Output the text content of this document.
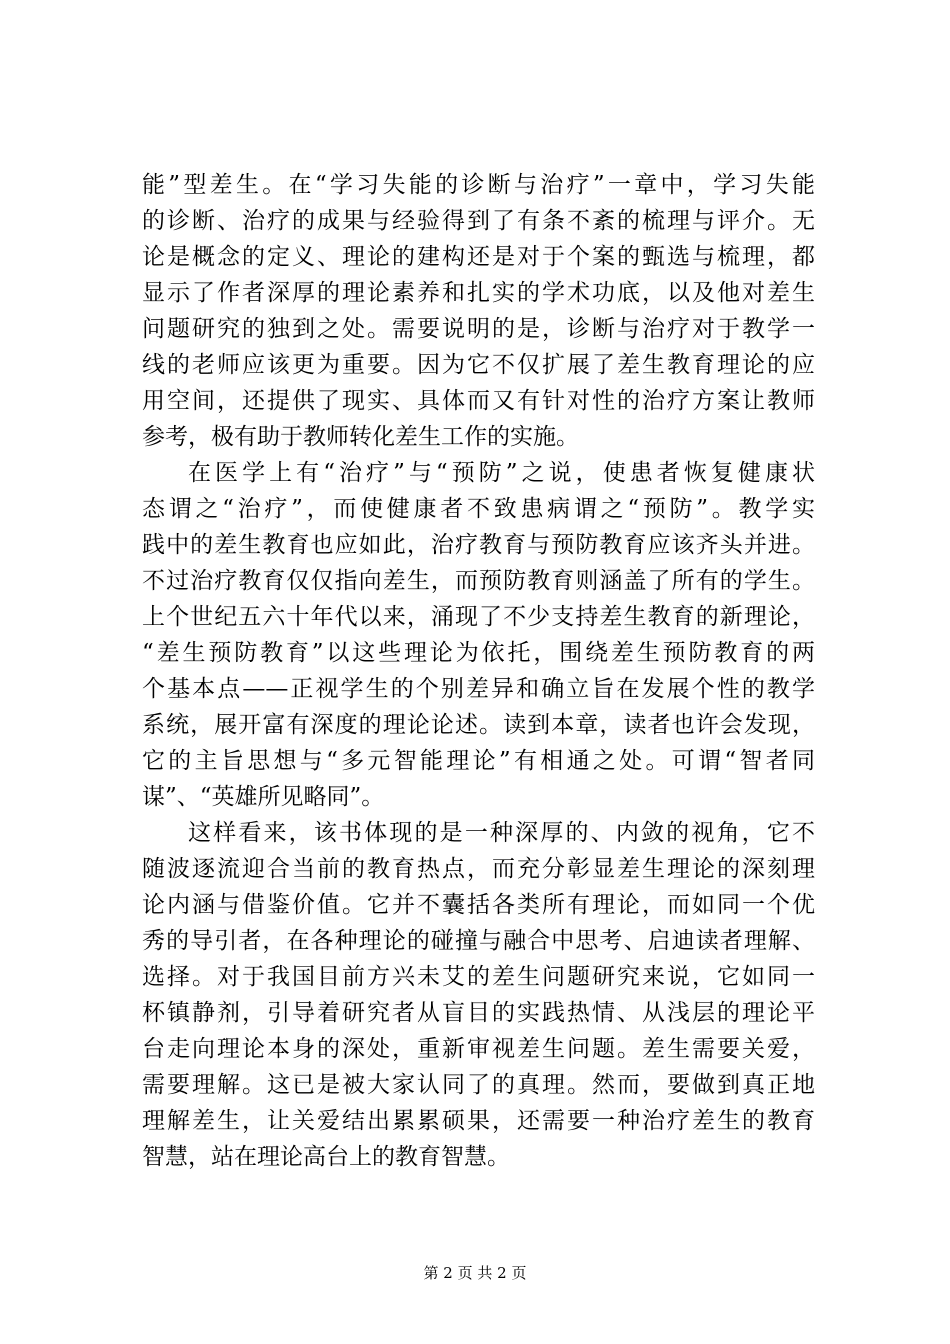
能”型差生。在“学习失能的诊断与治疗”一章中，学习失能
的诊断、治疗的成果与经验得到了有条不紊的梳理与评介。无
论是概念的定义、理论的建构还是对于个案的甄选与梳理，都
显示了作者深厚的理论素养和扎实的学术功底，以及他对差生
问题研究的独到之处。需要说明的是，诊断与治疗对于教学一
线的老师应该更为重要。因为它不仅扩展了差生教育理论的应
用空间，还提供了现实、具体而又有针对性的治疗方案让教师
参考，极有助于教师转化差生工作的实施。
在医学上有“治疗”与“预防”之说，使患者恢复健康状
态谓之“治疗”，而使健康者不致患病谓之“预防”。教学实
践中的差生教育也应如此，治疗教育与预防教育应该齐头并进。
不过治疗教育仅仅指向差生，而预防教育则涵盖了所有的学生。
上个世纪五六十年代以来，涌现了不少支持差生教育的新理论，
“差生预防教育”以这些理论为依托，围绕差生预防教育的两
个基本点——正视学生的个别差异和确立旨在发展个性的教学
系统，展开富有深度的理论论述。读到本章，读者也许会发现，
它的主旨思想与“多元智能理论”有相通之处。可谓“智者同
谋”、“英雄所见略同”。
这样看来，该书体现的是一种深厚的、内敛的视角，它不
随波逐流迎合当前的教育热点，而充分彰显差生理论的深刻理
论内涵与借鉴价值。它并不囊括各类所有理论，而如同一个优
秀的导引者，在各种理论的碰撞与融合中思考、启迪读者理解、
选择。对于我国目前方兴未艾的差生问题研究来说，它如同一
杯镇静剂，引导着研究者从盲目的实践热情、从浅层的理论平
台走向理论本身的深处，重新审视差生问题。差生需要关爱，
需要理解。这已是被大家认同了的真理。然而，要做到真正地
理解差生，让关爱结出累累硕果，还需要一种治疗差生的教育
智慧，站在理论高台上的教育智慧。
第 2 页 共 2 页
